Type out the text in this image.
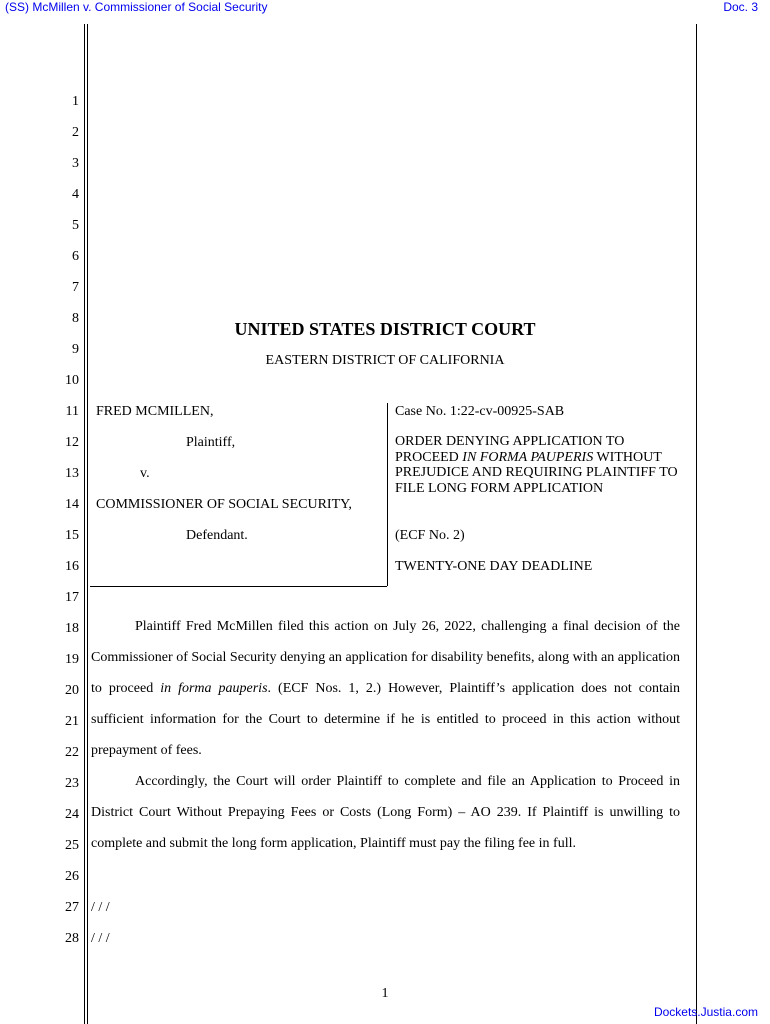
(SS) McMillen v. Commissioner of Social Security	Doc. 3
1
2
3
4
5
6
7
8
9
10
11
12
13
14
15
16
17
18
19
20
21
22
23
24
25
26
27
28
UNITED STATES DISTRICT COURT
EASTERN DISTRICT OF CALIFORNIA
FRED MCMILLEN,
Plaintiff,
v.
COMMISSIONER OF SOCIAL SECURITY,
Defendant.
Case No. 1:22-cv-00925-SAB
ORDER DENYING APPLICATION TO PROCEED IN FORMA PAUPERIS WITHOUT PREJUDICE AND REQUIRING PLAINTIFF TO FILE LONG FORM APPLICATION
(ECF No. 2)
TWENTY-ONE DAY DEADLINE

Plaintiff Fred McMillen filed this action on July 26, 2022, challenging a final decision of the Commissioner of Social Security denying an application for disability benefits, along with an application to proceed in forma pauperis. (ECF Nos. 1, 2.) However, Plaintiff’s application does not contain sufficient information for the Court to determine if he is entitled to proceed in this action without prepayment of fees.

Accordingly, the Court will order Plaintiff to complete and file an Application to Proceed in District Court Without Prepaying Fees or Costs (Long Form) – AO 239. If Plaintiff is unwilling to complete and submit the long form application, Plaintiff must pay the filing fee in full.

/ / /
/ / /
1
Dockets.Justia.com
